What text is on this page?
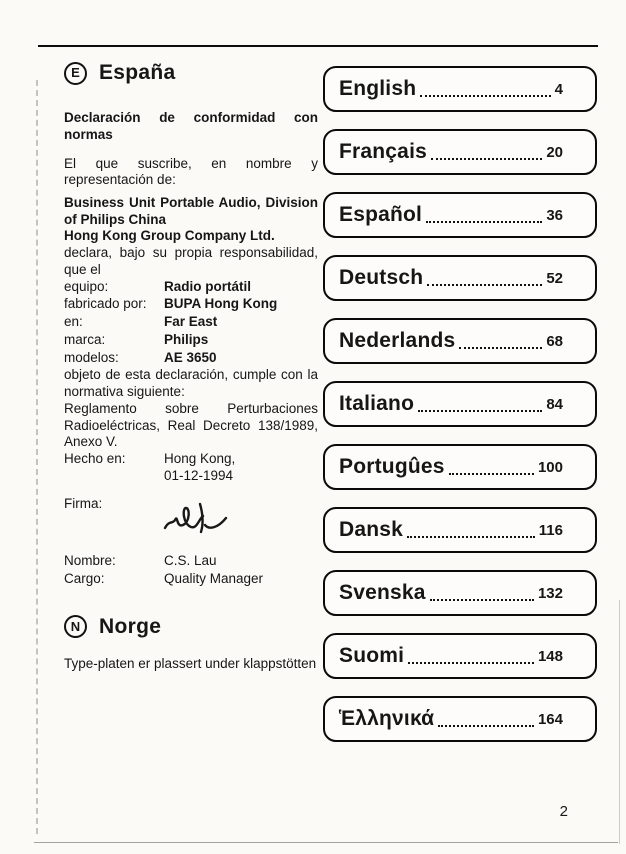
E España

Declaración de conformidad con normas

El que suscribe, en nombre y representación de:

Business Unit Portable Audio, Division of Philips China

Hong Kong Group Company Ltd.

declara, bajo su propia responsabilidad, que el

equipo:	Radio portátil
fabricado por:	BUPA Hong Kong
en:	Far East
marca:	Philips
modelos:	AE 3650

objeto de esta declaración, cumple con la normativa siguiente:

Reglamento sobre Perturbaciones Radioeléctricas, Real Decreto 138/1989, Anexo V.

Hecho en:	Hong Kong,
01-12-1994
Firma:
Nombre:	C.S. Lau
Cargo:	Quality Manager
N Norge

Type-platen er plassert under klappstötten

English	4
Français	20
Español	36
Deutsch	52
Nederlands	68
Italiano	84
Portugûes	100
Dansk	116
Svenska	132
Suomi	148
Ἑλληνικά	164
2
